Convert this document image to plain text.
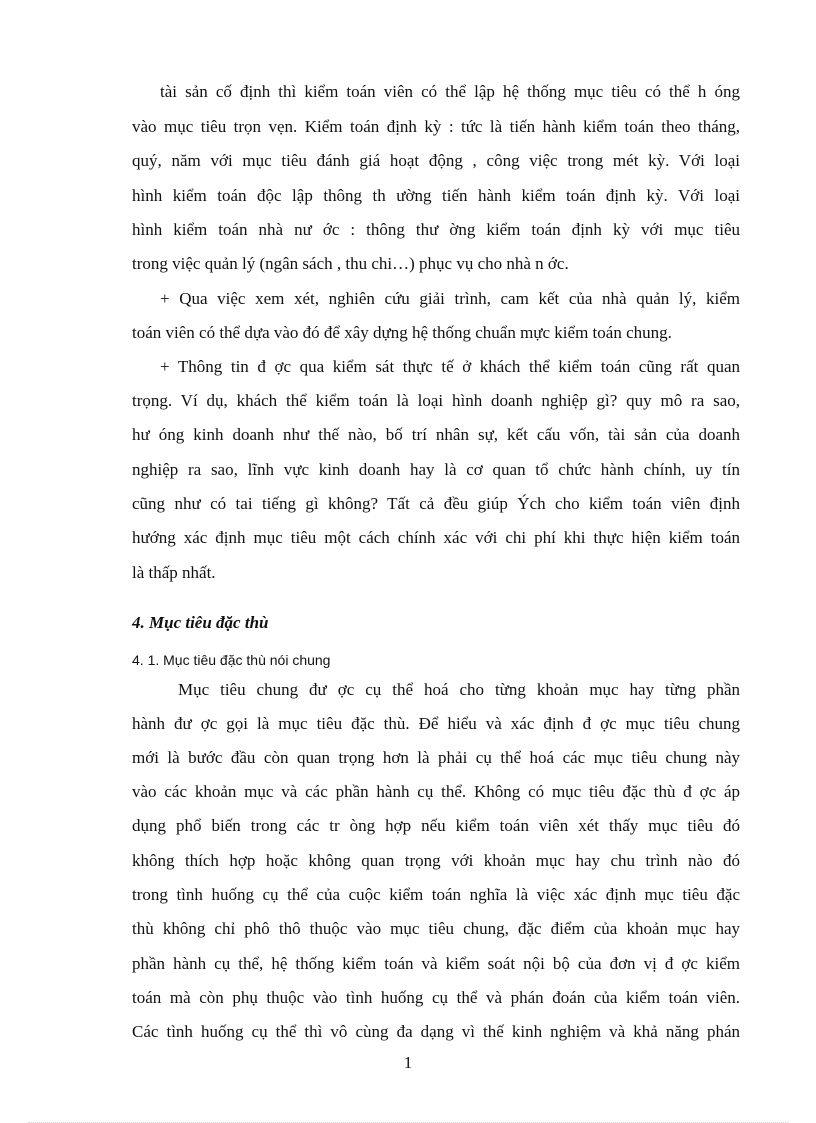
tài sản cố định thì kiểm toán viên có thể lập hệ thống mục tiêu có thể h óng

vào mục tiêu trọn vẹn. Kiểm toán định kỳ : tức là tiến hành kiểm toán theo tháng,

quý, năm với mục tiêu đánh giá hoạt động , công việc trong mét kỳ. Với loại

hình kiểm toán độc lập thông th ường tiến hành kiểm toán định kỳ. Với loại

hình kiểm toán nhà nư ớc : thông thư ờng kiểm toán định kỳ với mục tiêu

trong việc quản lý (ngân sách , thu chi…) phục vụ cho nhà n ớc.

+ Qua việc xem xét, nghiên cứu giải trình, cam kết của nhà quản lý, kiểm

toán viên có thể dựa vào đó để xây dựng hệ thống chuẩn mực kiểm toán chung.

+ Thông tin đ ợc qua kiểm sát thực tế ở khách thể kiểm toán cũng rất quan

trọng. Ví dụ, khách thể kiểm toán là loại hình doanh nghiệp gì? quy mô ra sao,

hư óng kinh doanh như thế nào, bố trí nhân sự, kết cấu vốn, tài sản của doanh

nghiệp ra sao, lĩnh vực kinh doanh hay là cơ quan tổ chức hành chính, uy tín

cũng như có tai tiếng gì không? Tất cả đều giúp Ých cho kiểm toán viên định

hướng xác định mục tiêu một cách chính xác với chi phí khi thực hiện kiểm toán

là thấp nhất.

4. Mục tiêu đặc thù
4. 1. Mục tiêu đặc thù nói chung

Mục tiêu chung đư ợc cụ thể hoá cho từng khoản mục hay từng phần

hành đư ợc gọi là mục tiêu đặc thù. Để hiểu và xác định đ ợc mục tiêu chung

mới là bước đầu còn quan trọng hơn là phải cụ thể hoá các mục tiêu chung này

vào các khoản mục và các phần hành cụ thể. Không có mục tiêu đặc thù đ ợc áp

dụng phổ biến trong các tr òng hợp nếu kiểm toán viên xét thấy mục tiêu đó

không thích hợp hoặc không quan trọng với khoản mục hay chu trình nào đó

trong tình huống cụ thể của cuộc kiểm toán nghĩa là việc xác định mục tiêu đặc

thù không chỉ phô thô thuộc vào mục tiêu chung, đặc điểm của khoản mục hay

phần hành cụ thể, hệ thống kiểm toán và kiểm soát nội bộ của đơn vị đ ợc kiểm

toán mà còn phụ thuộc vào tình huống cụ thể và phán đoán của kiểm toán viên.

Các tình huống cụ thể thì vô cùng đa dạng vì thế kinh nghiệm và khả năng phán

1
